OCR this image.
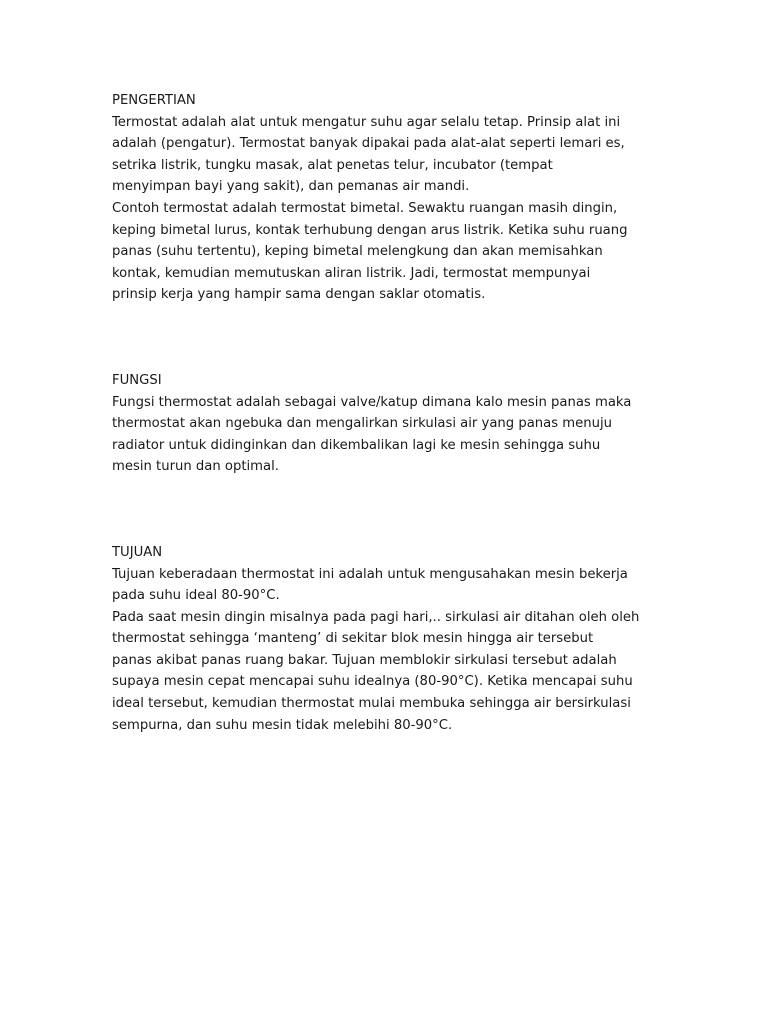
PENGERTIAN
Termostat adalah alat untuk mengatur suhu agar selalu tetap. Prinsip alat ini
adalah (pengatur). Termostat banyak dipakai pada alat-alat seperti lemari es,
setrika listrik, tungku masak, alat penetas telur, incubator (tempat
menyimpan bayi yang sakit), dan pemanas air mandi.
Contoh termostat adalah termostat bimetal. Sewaktu ruangan masih dingin,
keping bimetal lurus, kontak terhubung dengan arus listrik. Ketika suhu ruang
panas (suhu tertentu), keping bimetal melengkung dan akan memisahkan
kontak, kemudian memutuskan aliran listrik. Jadi, termostat mempunyai
prinsip kerja yang hampir sama dengan saklar otomatis.
FUNGSI
Fungsi thermostat adalah sebagai valve/katup dimana kalo mesin panas maka
thermostat akan ngebuka dan mengalirkan sirkulasi air yang panas menuju
radiator untuk didinginkan dan dikembalikan lagi ke mesin sehingga suhu
mesin turun dan optimal.
TUJUAN
Tujuan keberadaan thermostat ini adalah untuk mengusahakan mesin bekerja
pada suhu ideal 80-90°C.
Pada saat mesin dingin misalnya pada pagi hari,.. sirkulasi air ditahan oleh oleh
thermostat sehingga ‘manteng’ di sekitar blok mesin hingga air tersebut
panas akibat panas ruang bakar. Tujuan memblokir sirkulasi tersebut adalah
supaya mesin cepat mencapai suhu idealnya (80-90°C). Ketika mencapai suhu
ideal tersebut, kemudian thermostat mulai membuka sehingga air bersirkulasi
sempurna, dan suhu mesin tidak melebihi 80-90°C.
